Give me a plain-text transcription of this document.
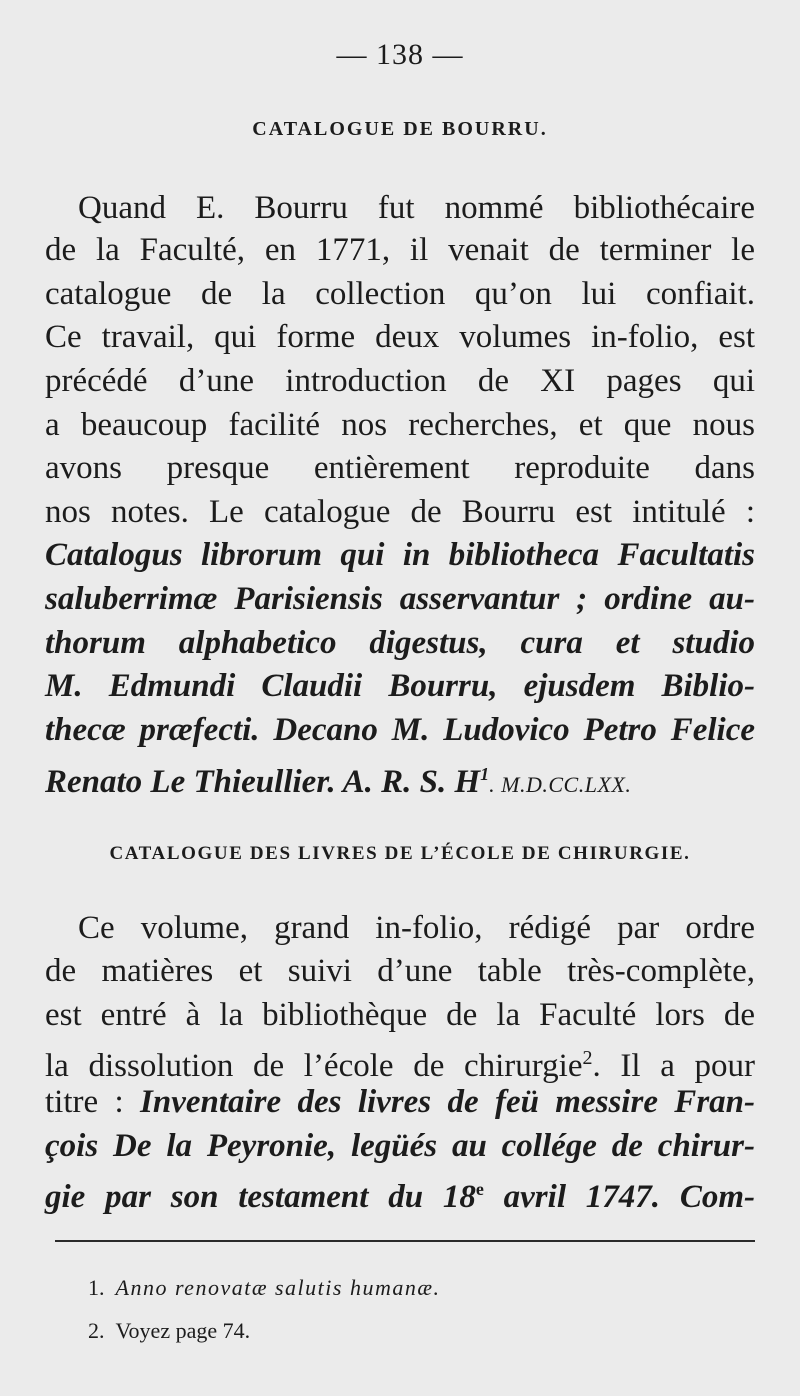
— 138 —
CATALOGUE DE BOURRU.
Quand E. Bourru fut nommé bibliothécaire
de la Faculté, en 1771, il venait de terminer le
catalogue de la collection qu’on lui confiait.
Ce travail, qui forme deux volumes in-folio, est
précédé d’une introduction de XI pages qui
a beaucoup facilité nos recherches, et que nous
avons presque entièrement reproduite dans
nos notes. Le catalogue de Bourru est intitulé :
Catalogus librorum qui in bibliotheca Facultatis
saluberrimæ Parisiensis asservantur ; ordine au-
thorum alphabetico digestus, cura et studio
M. Edmundi Claudii Bourru, ejusdem Biblio-
thecæ præfecti. Decano M. Ludovico Petro Felice
Renato Le Thieullier. A. R. S. $H^1$. M.D.CC.LXX.
CATALOGUE DES LIVRES DE L’ÉCOLE DE CHIRURGIE.
Ce volume, grand in-folio, rédigé par ordre
de matières et suivi d’une table très-complète,
est entré à la bibliothèque de la Faculté lors de
la dissolution de l’école de chirurgie$^2$. Il a pour
titre : Inventaire des livres de feü messire Fran-
çois De la Peyronie, legüés au collége de chirur-
gie par son testament du 18e avril 1747. Com-
1. Anno renovatæ salutis humanæ.
2. Voyez page 74.
